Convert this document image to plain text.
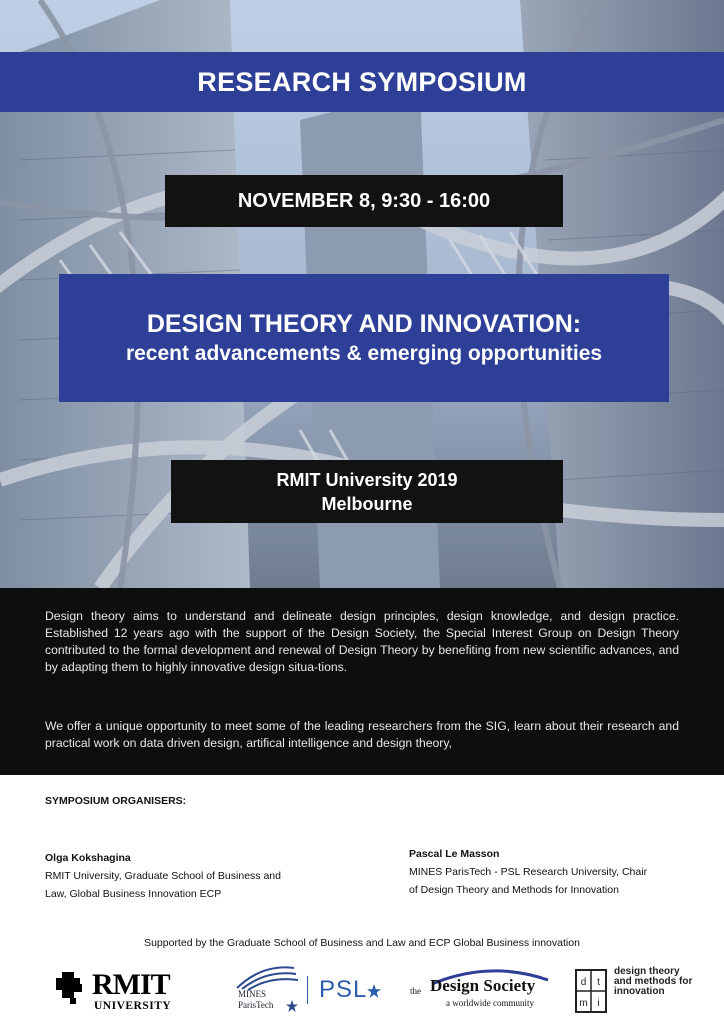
RESEARCH SYMPOSIUM
NOVEMBER 8, 9:30 - 16:00
DESIGN THEORY AND INNOVATION:
recent advancements & emerging opportunities
RMIT University 2019
Melbourne

Design theory aims to understand and delineate design principles, design knowledge, and design practice. Established 12 years ago with the support of the Design Society, the Special Interest Group on Design Theory contributed to the formal development and renewal of Design Theory by benefiting from new scientific advances, and by adapting them to highly innovative design situa-tions.

We offer a unique opportunity to meet some of the leading researchers from the SIG, learn about their research and practical work on data driven design, artifical intelligence and design theory,

SYMPOSIUM ORGANISERS:
Olga Kokshagina
RMIT University, Graduate School of Business and
Law, Global Business Innovation ECP
Pascal Le Masson
MINES ParisTech - PSL Research University, Chair
of Design Theory and Methods for Innovation
Supported by the Graduate School of Business and Law and ECP Global Business innovation
RMIT
UNIVERSITY
MINES
ParisTech
PSL	the Design Society
a worldwide community
d t
m i
design theory and methods for innovation
